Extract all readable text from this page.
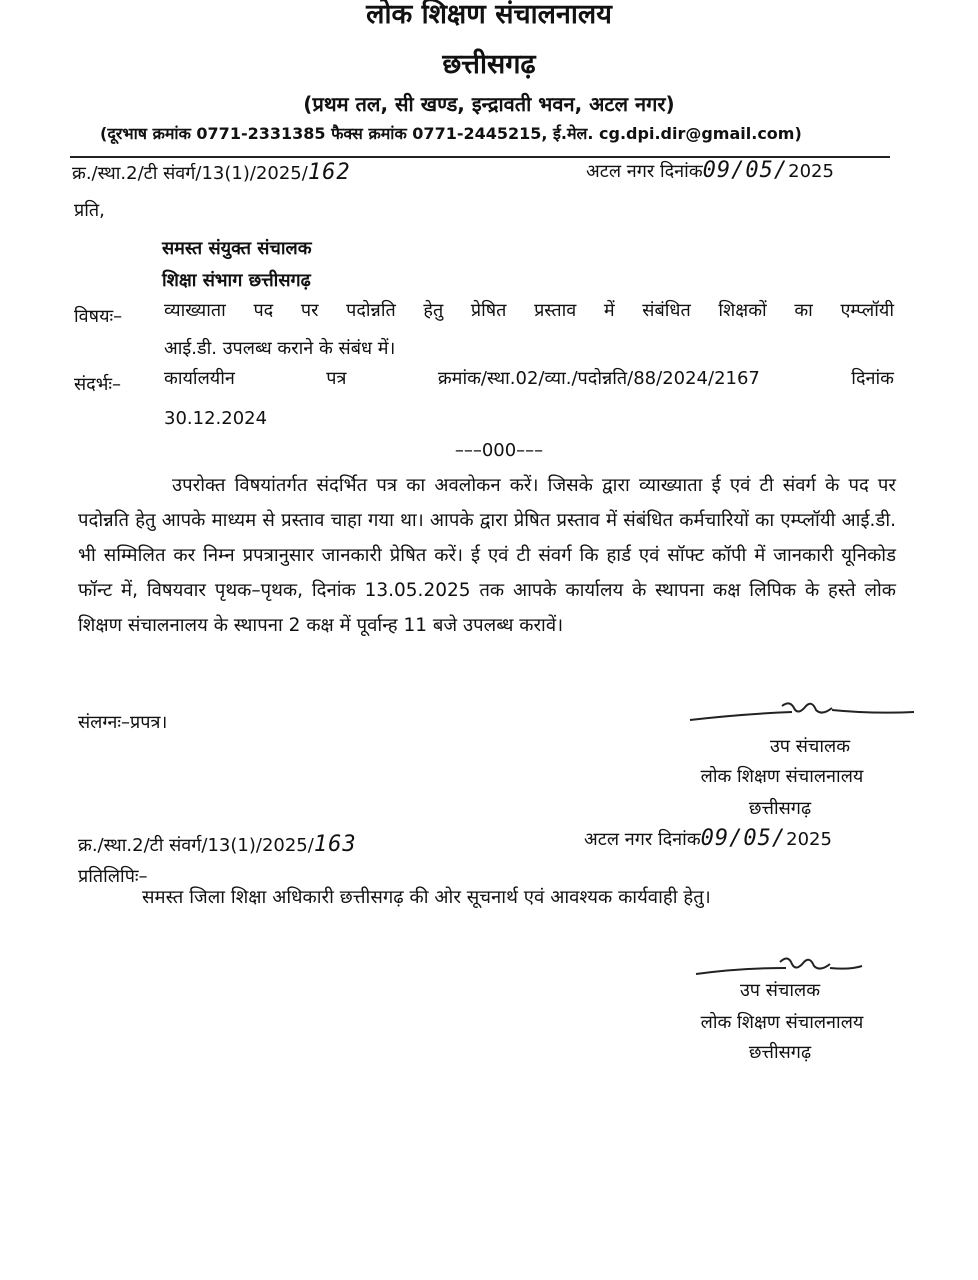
लोक शिक्षण संचालनालय
छत्तीसगढ़
(प्रथम तल, सी खण्ड, इन्द्रावती भवन, अटल नगर)
(दूरभाष क्रमांक 0771-2331385 फैक्स क्रमांक 0771-2445215, ई.मेल. cg.dpi.dir@gmail.com)
क्र./स्था.2/टी संवर्ग/13(1)/2025/162	अटल नगर दिनांक09/05/2025
प्रति,
समस्त संयुक्त संचालक
शिक्षा संभाग छत्तीसगढ़
विषयः– व्याख्याता पद पर पदोन्नति हेतु प्रेषित प्रस्ताव में संबंधित शिक्षकों का एम्प्लॉयी
आई.डी. उपलब्ध कराने के संबंध में।
संदर्भः– कार्यालयीन पत्र क्रमांक/स्था.02/व्या./पदोन्नति/88/2024/2167 दिनांक
30.12.2024
–––000–––
उपरोक्त विषयांतर्गत संदर्भित पत्र का अवलोकन करें। जिसके द्वारा व्याख्याता ई एवं टी संवर्ग के पद पर पदोन्नति हेतु आपके माध्यम से प्रस्ताव चाहा गया था। आपके द्वारा प्रेषित प्रस्ताव में संबंधित कर्मचारियों का एम्प्लॉयी आई.डी. भी सम्मिलित कर निम्न प्रपत्रानुसार जानकारी प्रेषित करें। ई एवं टी संवर्ग कि हार्ड एवं सॉफ्ट कॉपी में जानकारी यूनिकोड फॉन्ट में, विषयवार पृथक–पृथक, दिनांक 13.05.2025 तक आपके कार्यालय के स्थापना कक्ष लिपिक के हस्ते लोक शिक्षण संचालनालय के स्थापना 2 कक्ष में पूर्वान्ह 11 बजे उपलब्ध करावें।
संलग्नः–प्रपत्र।
उप संचालक
लोक शिक्षण संचालनालय
छत्तीसगढ़
क्र./स्था.2/टी संवर्ग/13(1)/2025/163	अटल नगर दिनांक09/05/2025
प्रतिलिपिः–
समस्त जिला शिक्षा अधिकारी छत्तीसगढ़ की ओर सूचनार्थ एवं आवश्यक कार्यवाही हेतु।
उप संचालक
लोक शिक्षण संचालनालय
छत्तीसगढ़
